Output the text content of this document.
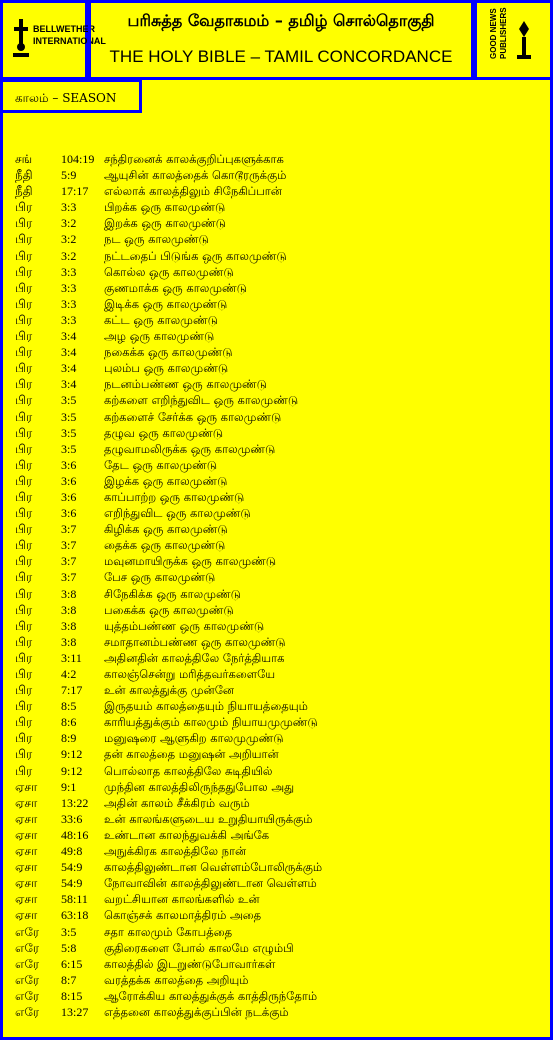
BELLWETHER
INTERNATIONAL
பரிசுத்த வேதாகமம் – தமிழ் சொல்தொகுதி
THE HOLY BIBLE – TAMIL CONCORDANCE	GOOD NEWS PUBLISHERS
காலம் – SEASON
சங் 104:19 சந்திரனைக் காலக்குறிப்புகளுக்காக
நீதி 5:9 ஆயுசின் காலத்தைக் கொடூரருக்கும்
நீதி 17:17 எல்லாக் காலத்திலும் சிநேகிப்பான்
பிர 3:3 பிறக்க ஒரு காலமுண்டு
பிர 3:2 இறக்க ஒரு காலமுண்டு
பிர 3:2 நட ஒரு காலமுண்டு
பிர 3:2 நட்டதைப் பிடுங்க ஒரு காலமுண்டு
பிர 3:3 கொல்ல ஒரு காலமுண்டு
பிர 3:3 குணமாக்க ஒரு காலமுண்டு
பிர 3:3 இடிக்க ஒரு காலமுண்டு
பிர 3:3 கட்ட ஒரு காலமுண்டு
பிர 3:4 அழ ஒரு காலமுண்டு
பிர 3:4 நகைக்க ஒரு காலமுண்டு
பிர 3:4 புலம்ப ஒரு காலமுண்டு
பிர 3:4 நடனம்பண்ண ஒரு காலமுண்டு
பிர 3:5 கற்களை எறிந்துவிட ஒரு காலமுண்டு
பிர 3:5 கற்களைச் சேர்க்க ஒரு காலமுண்டு
பிர 3:5 தழுவ ஒரு காலமுண்டு
பிர 3:5 தழுவாமலிருக்க ஒரு காலமுண்டு
பிர 3:6 தேட ஒரு காலமுண்டு
பிர 3:6 இழக்க ஒரு காலமுண்டு
பிர 3:6 காப்பாற்ற ஒரு காலமுண்டு
பிர 3:6 எறிந்துவிட ஒரு காலமுண்டு
பிர 3:7 கிழிக்க ஒரு காலமுண்டு
பிர 3:7 தைக்க ஒரு காலமுண்டு
பிர 3:7 மவுனமாயிருக்க ஒரு காலமுண்டு
பிர 3:7 பேச ஒரு காலமுண்டு
பிர 3:8 சிநேகிக்க ஒரு காலமுண்டு
பிர 3:8 பகைக்க ஒரு காலமுண்டு
பிர 3:8 யுத்தம்பண்ண ஒரு காலமுண்டு
பிர 3:8 சமாதானம்பண்ண ஒரு காலமுண்டு
பிர 3:11 அதினதின் காலத்திலே நேர்த்தியாக
பிர 4:2 காலஞ்சென்று மரித்தவர்களையே
பிர 7:17 உன் காலத்துக்கு முன்னே
பிர 8:5 இருதயம் காலத்தையும் நியாயத்தையும்
பிர 8:6 காரியத்துக்கும் காலமும் நியாயமுமுண்டு
பிர 8:9 மனுஷரை ஆளுகிற காலமுமுண்டு
பிர 9:12 தன் காலத்தை மனுஷன் அறியான்
பிர 9:12 பொல்லாத காலத்திலே சுடிதியில்
ஏசா 9:1 முந்தின காலத்திலிருந்ததுபோல அது
ஏசா 13:22 அதின் காலம் சீக்கிரம் வரும்
ஏசா 33:6 உன் காலங்களுடைய உறுதியாயிருக்கும்
ஏசா 48:16 உண்டான காலந்துவக்கி அங்கே
ஏசா 49:8 அநுக்கிரக காலத்திலே நான்
ஏசா 54:9 காலத்திலுண்டான வெள்ளம்போலிருக்கும்
ஏசா 54:9 நோவாவின் காலத்திலுண்டான வெள்ளம்
ஏசா 58:11 வறட்சியான காலங்களில் உன்
ஏசா 63:18 கொஞ்சக் காலமாத்திரம் அதை
எரே 3:5 சதா காலமும் கோபத்தை
எரே 5:8 குதிரைகளை போல் காலமே எழும்பி
எரே 6:15 காலத்தில் இடறுண்டுபோவார்கள்
எரே 8:7 வரத்தக்க காலத்தை அறியும்
எரே 8:15 ஆரோக்கிய காலத்துக்குக் காத்திருந்தோம்
எரே 13:27 எத்தனை காலத்துக்குப்பின் நடக்கும்
